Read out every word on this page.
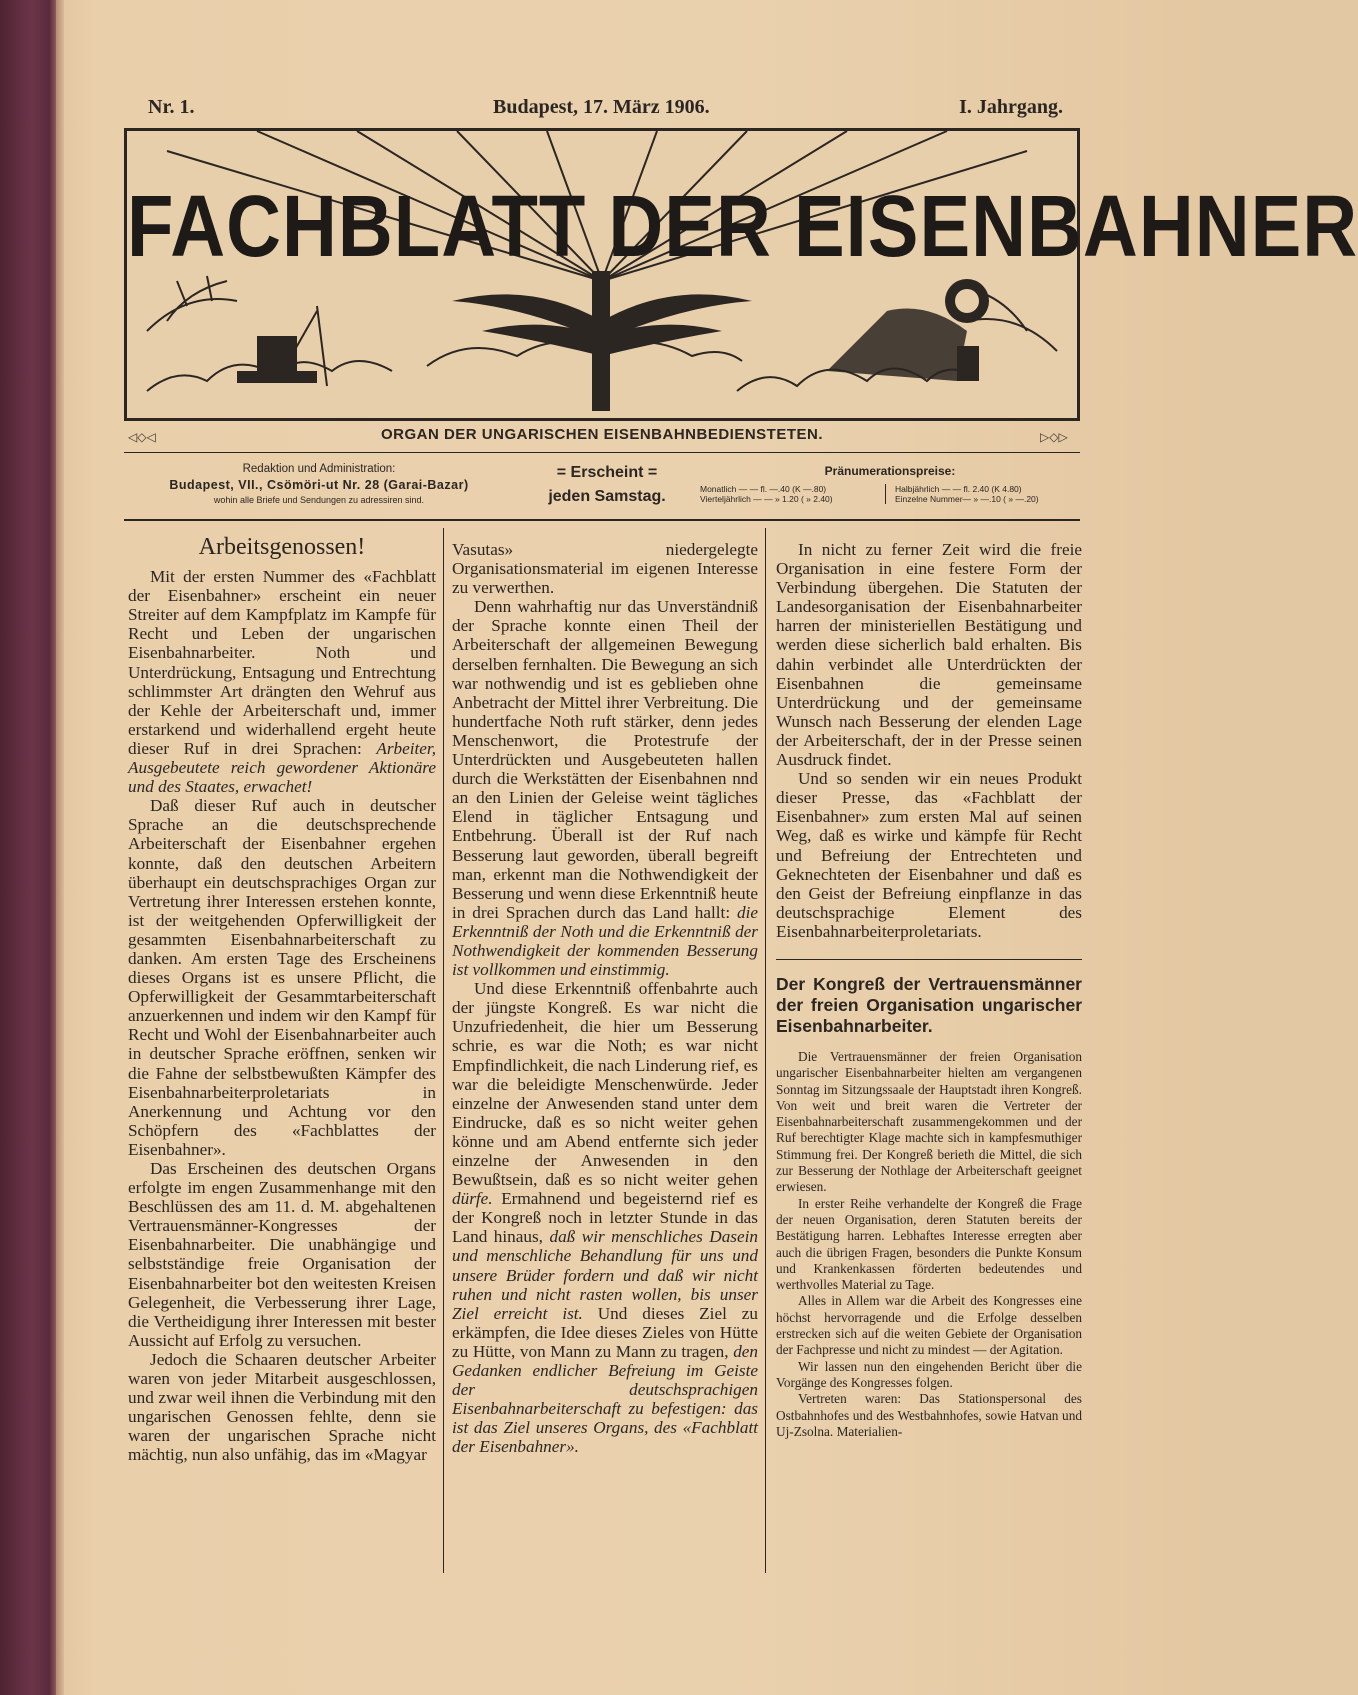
Nr. 1.	Budapest, 17. März 1906.	I. Jahrgang.
FACHBLATT DER EISENBAHNER
◁◇◁	ORGAN DER UNGARISCHEN EISENBAHNBEDIENSTETEN.	▷◇▷
Redaktion und Administration:
Budapest, VII., Csömöri-ut Nr. 28 (Garai-Bazar)
wohin alle Briefe und Sendungen zu adressiren sind.
= Erscheint =
jeden Samstag.
Pränumerationspreise:
Monatlich — — fl. —.40 (K —.80)
Vierteljährlich — — » 1.20 ( » 2.40)
Halbjährlich — — fl. 2.40 (K 4.80)
Einzelne Nummer— » —.10 ( » —.20)
Arbeitsgenossen!

Mit der ersten Nummer des «Fachblatt der Eisenbahner» erscheint ein neuer Streiter auf dem Kampfplatz im Kampfe für Recht und Leben der ungarischen Eisenbahnarbeiter. Noth und Unterdrückung, Entsagung und Entrechtung schlimmster Art drängten den Wehruf aus der Kehle der Arbeiterschaft und, immer erstarkend und widerhallend ergeht heute dieser Ruf in drei Sprachen: Arbeiter, Ausgebeutete reich gewordener Aktionäre und des Staates, erwachet!

Daß dieser Ruf auch in deutscher Sprache an die deutschsprechende Arbeiterschaft der Eisenbahner ergehen konnte, daß den deutschen Arbeitern überhaupt ein deutschsprachiges Organ zur Vertretung ihrer Interessen erstehen konnte, ist der weitgehenden Opferwilligkeit der gesammten Eisenbahnarbeiterschaft zu danken. Am ersten Tage des Erscheinens dieses Organs ist es unsere Pflicht, die Opferwilligkeit der Gesammtarbeiterschaft anzuerkennen und indem wir den Kampf für Recht und Wohl der Eisenbahnarbeiter auch in deutscher Sprache eröffnen, senken wir die Fahne der selbstbewußten Kämpfer des Eisenbahnarbeiterproletariats in Anerkennung und Achtung vor den Schöpfern des «Fachblattes der Eisenbahner».

Das Erscheinen des deutschen Organs erfolgte im engen Zusammenhange mit den Beschlüssen des am 11. d. M. abgehaltenen Vertrauensmänner-Kongresses der Eisenbahnarbeiter. Die unabhängige und selbstständige freie Organisation der Eisenbahnarbeiter bot den weitesten Kreisen Gelegenheit, die Verbesserung ihrer Lage, die Vertheidigung ihrer Interessen mit bester Aussicht auf Erfolg zu versuchen.

Jedoch die Schaaren deutscher Arbeiter waren von jeder Mitarbeit ausgeschlossen, und zwar weil ihnen die Verbindung mit den ungarischen Genossen fehlte, denn sie waren der ungarischen Sprache nicht mächtig, nun also unfähig, das im «Magyar

Vasutas» niedergelegte Organisationsmaterial im eigenen Interesse zu verwerthen.

Denn wahrhaftig nur das Unverständniß der Sprache konnte einen Theil der Arbeiterschaft der allgemeinen Bewegung derselben fernhalten. Die Bewegung an sich war nothwendig und ist es geblieben ohne Anbetracht der Mittel ihrer Verbreitung. Die hundertfache Noth ruft stärker, denn jedes Menschenwort, die Protestrufe der Unterdrückten und Ausgebeuteten hallen durch die Werkstätten der Eisenbahnen nnd an den Linien der Geleise weint tägliches Elend in täglicher Entsagung und Entbehrung. Überall ist der Ruf nach Besserung laut geworden, überall begreift man, erkennt man die Nothwendigkeit der Besserung und wenn diese Erkenntniß heute in drei Sprachen durch das Land hallt: die Erkenntniß der Noth und die Erkenntniß der Nothwendigkeit der kommenden Besserung ist vollkommen und einstimmig.

Und diese Erkenntniß offenbahrte auch der jüngste Kongreß. Es war nicht die Unzufriedenheit, die hier um Besserung schrie, es war die Noth; es war nicht Empfindlichkeit, die nach Linderung rief, es war die beleidigte Menschenwürde. Jeder einzelne der Anwesenden stand unter dem Eindrucke, daß es so nicht weiter gehen könne und am Abend entfernte sich jeder einzelne der Anwesenden in den Bewußtsein, daß es so nicht weiter gehen dürfe. Ermahnend und begeisternd rief es der Kongreß noch in letzter Stunde in das Land hinaus, daß wir menschliches Dasein und menschliche Behandlung für uns und unsere Brüder fordern und daß wir nicht ruhen und nicht rasten wollen, bis unser Ziel erreicht ist. Und dieses Ziel zu erkämpfen, die Idee dieses Zieles von Hütte zu Hütte, von Mann zu Mann zu tragen, den Gedanken endlicher Befreiung im Geiste der deutschsprachigen Eisenbahnarbeiterschaft zu befestigen: das ist das Ziel unseres Organs, des «Fachblatt der Eisenbahner».

In nicht zu ferner Zeit wird die freie Organisation in eine festere Form der Verbindung übergehen. Die Statuten der Landesorganisation der Eisenbahnarbeiter harren der ministeriellen Bestätigung und werden diese sicherlich bald erhalten. Bis dahin verbindet alle Unterdrückten der Eisenbahnen die gemeinsame Unterdrückung und der gemeinsame Wunsch nach Besserung der elenden Lage der Arbeiterschaft, der in der Presse seinen Ausdruck findet.

Und so senden wir ein neues Produkt dieser Presse, das «Fachblatt der Eisenbahner» zum ersten Mal auf seinen Weg, daß es wirke und kämpfe für Recht und Befreiung der Entrechteten und Geknechteten der Eisenbahner und daß es den Geist der Befreiung einpflanze in das deutschsprachige Element des Eisenbahnarbeiterproletariats.

Der Kongreß der Vertrauensmänner der freien Organisation ungarischer Eisenbahnarbeiter.

Die Vertrauensmänner der freien Organisation ungarischer Eisenbahnarbeiter hielten am vergangenen Sonntag im Sitzungssaale der Hauptstadt ihren Kongreß. Von weit und breit waren die Vertreter der Eisenbahnarbeiterschaft zusammengekommen und der Ruf berechtigter Klage machte sich in kampfesmuthiger Stimmung frei. Der Kongreß berieth die Mittel, die sich zur Besserung der Nothlage der Arbeiterschaft geeignet erwiesen.

In erster Reihe verhandelte der Kongreß die Frage der neuen Organisation, deren Statuten bereits der Bestätigung harren. Lebhaftes Interesse erregten aber auch die übrigen Fragen, besonders die Punkte Konsum und Krankenkassen förderten bedeutendes und werthvolles Material zu Tage.

Alles in Allem war die Arbeit des Kongresses eine höchst hervorragende und die Erfolge desselben erstrecken sich auf die weiten Gebiete der Organisation der Fachpresse und nicht zu mindest — der Agitation.

Wir lassen nun den eingehenden Bericht über die Vorgänge des Kongresses folgen.

Vertreten waren: Das Stationspersonal des Ostbahnhofes und des Westbahnhofes, sowie Hatvan und Uj-Zsolna. Materialien-
